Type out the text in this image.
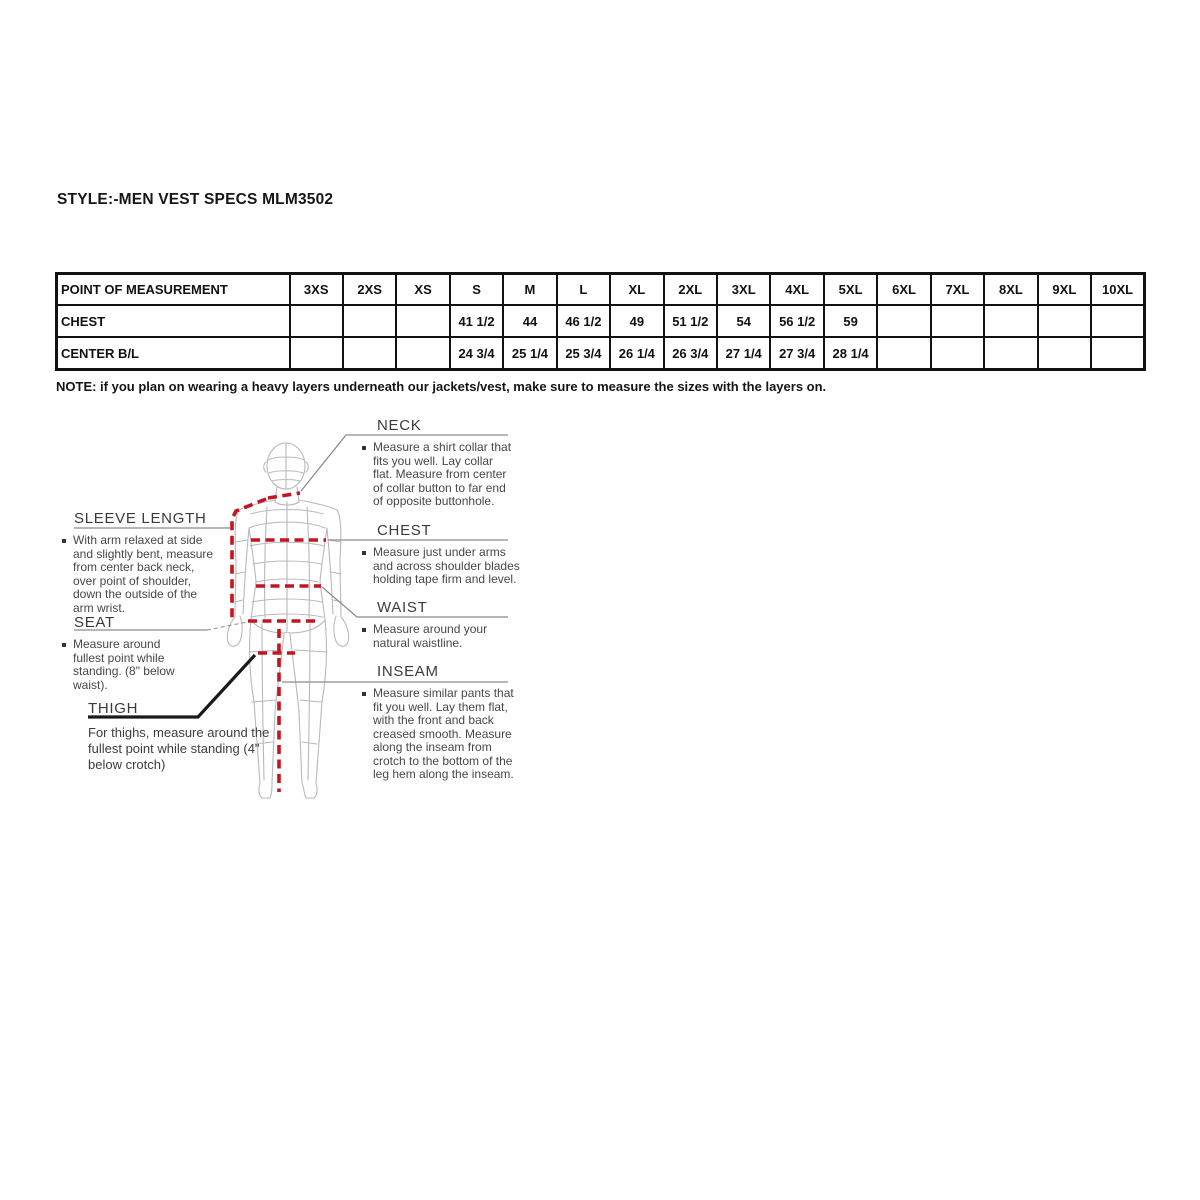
STYLE:-MEN VEST SPECS MLM3502
POINT OF MEASUREMENT	3XS	2XS	XS	S	M	L	XL	2XL	3XL	4XL	5XL	6XL	7XL	8XL	9XL	10XL
CHEST				41 1/2	44	46 1/2	49	51 1/2	54	56 1/2	59					
CENTER B/L				24 3/4	25 1/4	25 3/4	26 1/4	26 3/4	27 1/4	27 3/4	28 1/4					
NOTE: if you plan on wearing a heavy layers underneath our jackets/vest, make sure to measure the sizes with the layers on.
NECK

Measure a shirt collar that fits you well. Lay collar flat. Measure from center of collar button to far end of opposite buttonhole.

SLEEVE LENGTH

With arm relaxed at side and slightly bent, measure from center back neck, over point of shoulder, down the outside of the arm wrist.

CHEST

Measure just under arms and across shoulder blades holding tape firm and level.

WAIST

Measure around your natural waistline.

SEAT

Measure around fullest point while standing. (8" below waist).

INSEAM

Measure similar pants that fit you well. Lay them flat, with the front and back creased smooth. Measure along the inseam from crotch to the bottom of the leg hem along the inseam.

THIGH

For thighs, measure around the fullest point while standing (4" below crotch)
